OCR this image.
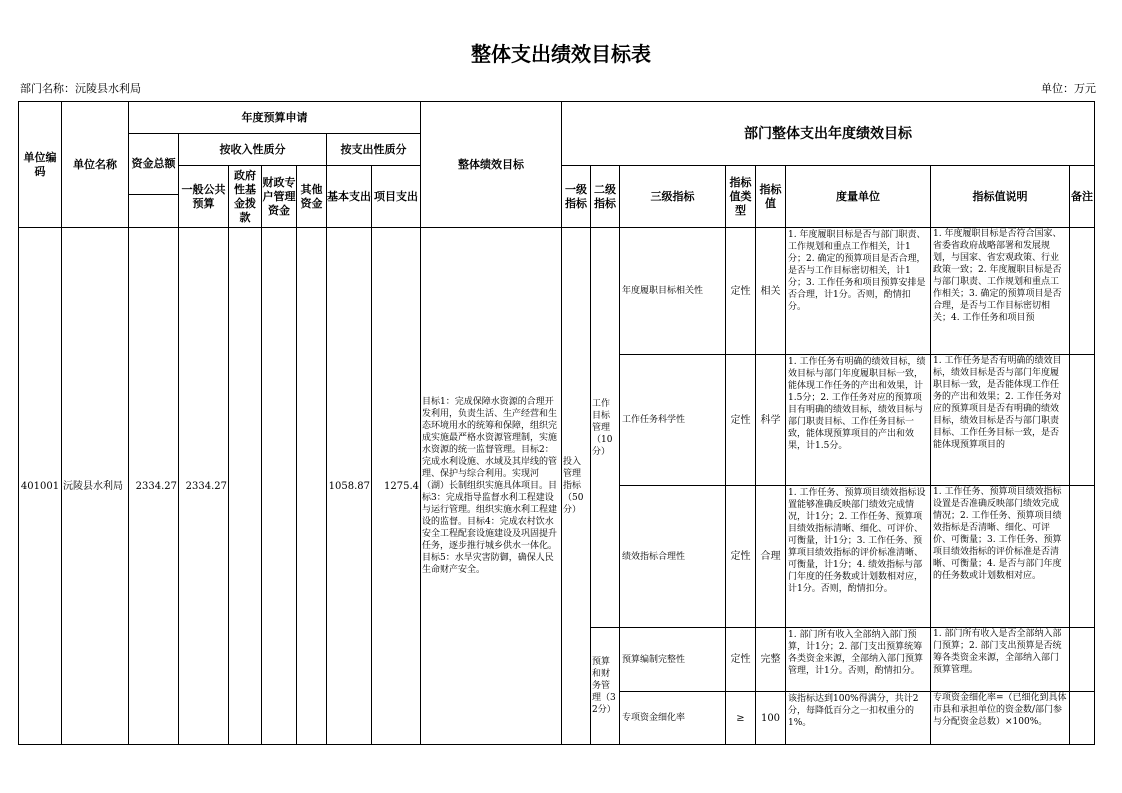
整体支出绩效目标表
部门名称：沅陵县水利局	单位：万元
单位编码	单位名称	年度预算申请							整体绩效目标	部门整体支出年度绩效目标							
		资金总额	按收入性质分				按支出性质分										
			一般公共预算	政府性基金拨款	财政专户管理资金	其他资金	基本支出	项目支出		一级指标	二级指标	三级指标	指标值类型	指标值	度量单位	指标值说明	备注

401001	沅陵县水利局	2334.27	2334.27				1058.87	1275.4	目标1：完成保障水资源的合理开发利用，负责生活、生产经营和生态环境用水的统筹和保障，组织完成实施最严格水资源管理制，实施水资源的统一监督管理。目标2：完成水利设施、水域及其岸线的管理、保护与综合利用。实现河（湖）长制组织实施具体项目。目标3：完成指导监督水利工程建设与运行管理。组织实施水利工程建设的监督。目标4：完成农村饮水安全工程配套设施建设及巩固提升任务，逐步推行城乡供水一体化。目标5：水旱灾害防御，确保人民生命财产安全。	投入管理指标（50分）	工作目标管理（10分）	年度履职目标相关性	定性	相关	1. 年度履职目标是否与部门职责、工作规划和重点工作相关，计1分；2. 确定的预算项目是否合理，是否与工作目标密切相关，计1分；3. 工作任务和项目预算安排是否合理，计1分。否则，酌情扣分。	1. 年度履职目标是否符合国家、省委省政府战略部署和发展规划，与国家、省宏观政策、行业政策一致；2. 年度履职目标是否与部门职责、工作规划和重点工作相关；3. 确定的预算项目是否合理，是否与工作目标密切相关；4. 工作任务和项目预	

												工作任务科学性	定性	科学	1. 工作任务有明确的绩效目标，绩效目标与部门年度履职目标一致，能体现工作任务的产出和效果，计1.5分；2. 工作任务对应的预算项目有明确的绩效目标，绩效目标与部门职责目标、工作任务目标一致，能体现预算项目的产出和效果，计1.5分。	1. 工作任务是否有明确的绩效目标，绩效目标是否与部门年度履职目标一致，是否能体现工作任务的产出和效果；2. 工作任务对应的预算项目是否有明确的绩效目标，绩效目标是否与部门职责目标、工作任务目标一致，是否能体现预算项目的	

												绩效指标合理性	定性	合理	1. 工作任务、预算项目绩效指标设置能够准确反映部门绩效完成情况，计1分；2. 工作任务、预算项目绩效指标清晰、细化、可评价、可衡量，计1分；3. 工作任务、预算项目绩效指标的评价标准清晰、可衡量，计1分；4. 绩效指标与部门年度的任务数或计划数相对应，计1分。否则，酌情扣分。	1. 工作任务、预算项目绩效指标设置是否准确反映部门绩效完成情况；2. 工作任务、预算项目绩效指标是否清晰、细化、可评价、可衡量；3. 工作任务、预算项目绩效指标的评价标准是否清晰、可衡量；4. 是否与部门年度的任务数或计划数相对应。	

											预算和财务管理（32分）	预算编制完整性	定性	完整	1. 部门所有收入全部纳入部门预算，计1分；2. 部门支出预算统筹各类资金来源，全部纳入部门预算管理，计1分。否则，酌情扣分。	1. 部门所有收入是否全部纳入部门预算；2. 部门支出预算是否统筹各类资金来源，全部纳入部门预算管理。	

												专项资金细化率	≥	100	该指标达到100%得满分，共计2分，每降低百分之一扣权重分的1%。	专项资金细化率=（已细化到具体市县和承担单位的资金数/部门参与分配资金总数）×100%。	
